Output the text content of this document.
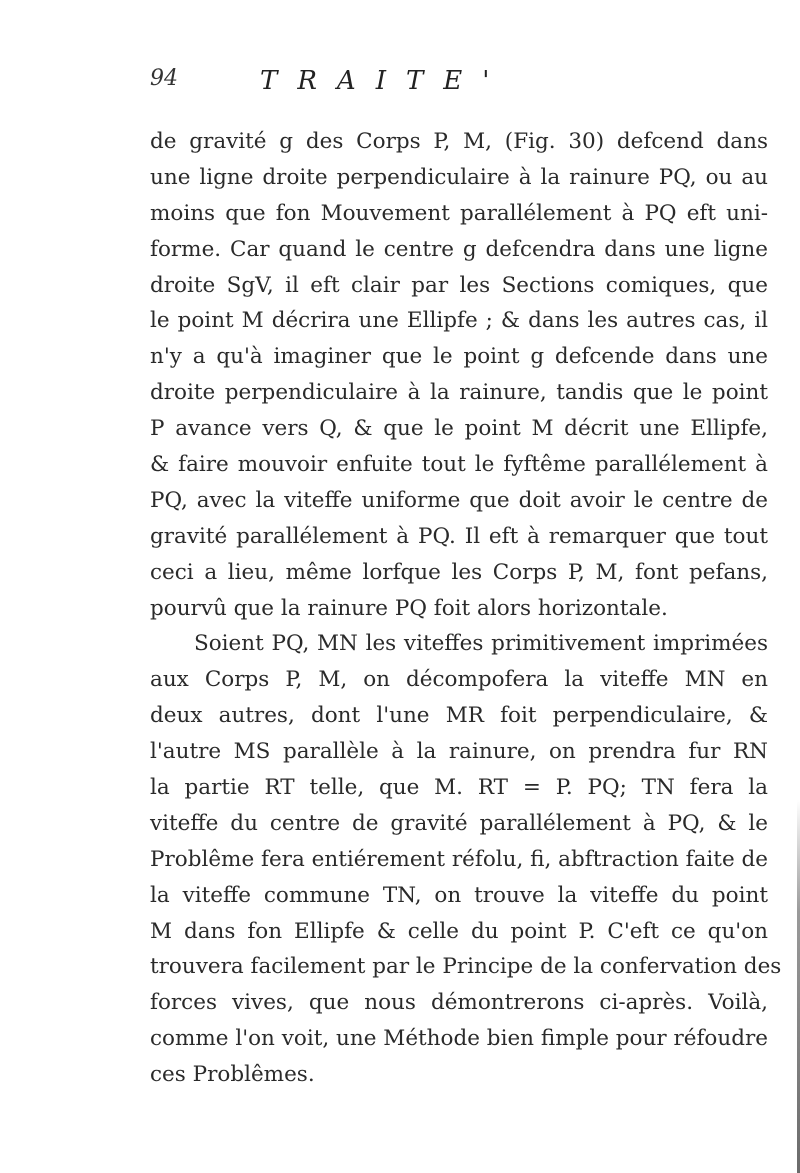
94	TRAITE'
de gravité g des Corps P, M, (Fig. 30) defcend dans
une ligne droite perpendiculaire à la rainure PQ, ou au
moins que fon Mouvement parallélement à PQ eft uni-
forme. Car quand le centre g defcendra dans une ligne
droite SgV, il eft clair par les Sections comiques, que
le point M décrira une Ellipfe ; & dans les autres cas, il
n'y a qu'à imaginer que le point g defcende dans une
droite perpendiculaire à la rainure, tandis que le point
P avance vers Q, & que le point M décrit une Ellipfe,
& faire mouvoir enfuite tout le fyftême parallélement à
PQ, avec la viteffe uniforme que doit avoir le centre de
gravité parallélement à PQ. Il eft à remarquer que tout
ceci a lieu, même lorfque les Corps P, M, font pefans,
pourvû que la rainure PQ foit alors horizontale.
Soient PQ, MN les viteffes primitivement imprimées
aux Corps P, M, on décompofera la viteffe MN en
deux autres, dont l'une MR foit perpendiculaire, &
l'autre MS parallèle à la rainure, on prendra fur RN
la partie RT telle, que M. RT = P. PQ; TN fera la
viteffe du centre de gravité parallélement à PQ, & le
Problême fera entiérement réfolu, fi, abftraction faite de
la viteffe commune TN, on trouve la viteffe du point
M dans fon Ellipfe & celle du point P. C'eft ce qu'on
trouvera facilement par le Principe de la confervation des
forces vives, que nous démontrerons ci-après. Voilà,
comme l'on voit, une Méthode bien fimple pour réfoudre
ces Problêmes.
